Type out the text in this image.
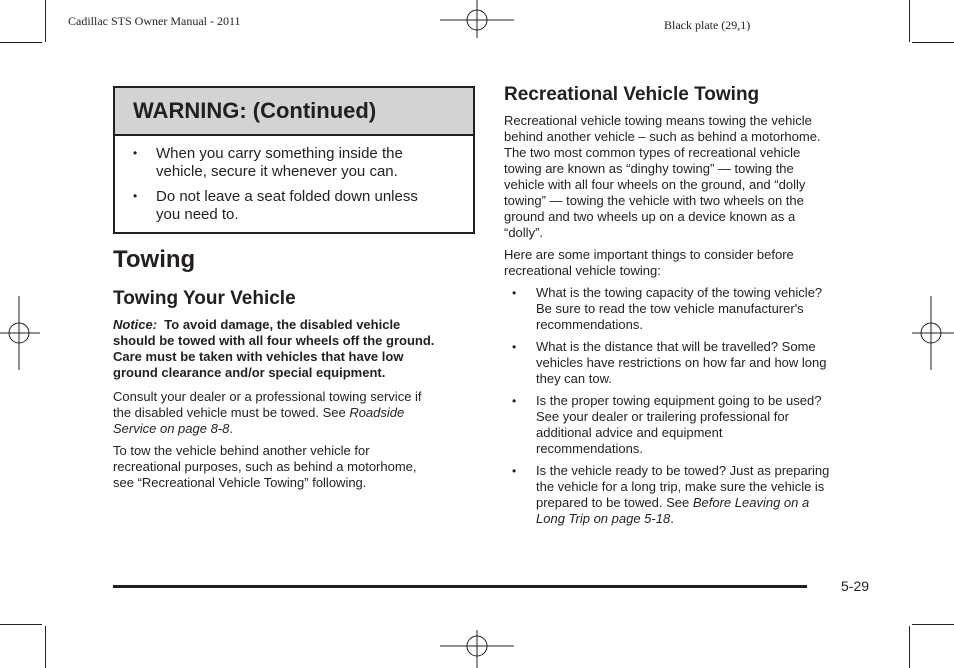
Cadillac STS Owner Manual - 2011	Black plate (29,1)
WARNING: (Continued)
• When you carry something inside the
vehicle, secure it whenever you can.
• Do not leave a seat folded down unless
you need to.
Towing
Towing Your Vehicle
Notice: To avoid damage, the disabled vehicle
should be towed with all four wheels off the ground.
Care must be taken with vehicles that have low
ground clearance and/or special equipment.
Consult your dealer or a professional towing service if
the disabled vehicle must be towed. See Roadside
Service on page 8-8.
To tow the vehicle behind another vehicle for
recreational purposes, such as behind a motorhome,
see “Recreational Vehicle Towing” following.
Recreational Vehicle Towing
Recreational vehicle towing means towing the vehicle
behind another vehicle – such as behind a motorhome.
The two most common types of recreational vehicle
towing are known as “dinghy towing” — towing the
vehicle with all four wheels on the ground, and “dolly
towing” — towing the vehicle with two wheels on the
ground and two wheels up on a device known as a
“dolly”.
Here are some important things to consider before
recreational vehicle towing:
• What is the towing capacity of the towing vehicle?
Be sure to read the tow vehicle manufacturer's
recommendations.
• What is the distance that will be travelled? Some
vehicles have restrictions on how far and how long
they can tow.
• Is the proper towing equipment going to be used?
See your dealer or trailering professional for
additional advice and equipment
recommendations.
• Is the vehicle ready to be towed? Just as preparing
the vehicle for a long trip, make sure the vehicle is
prepared to be towed. See Before Leaving on a
Long Trip on page 5-18.
5-29
